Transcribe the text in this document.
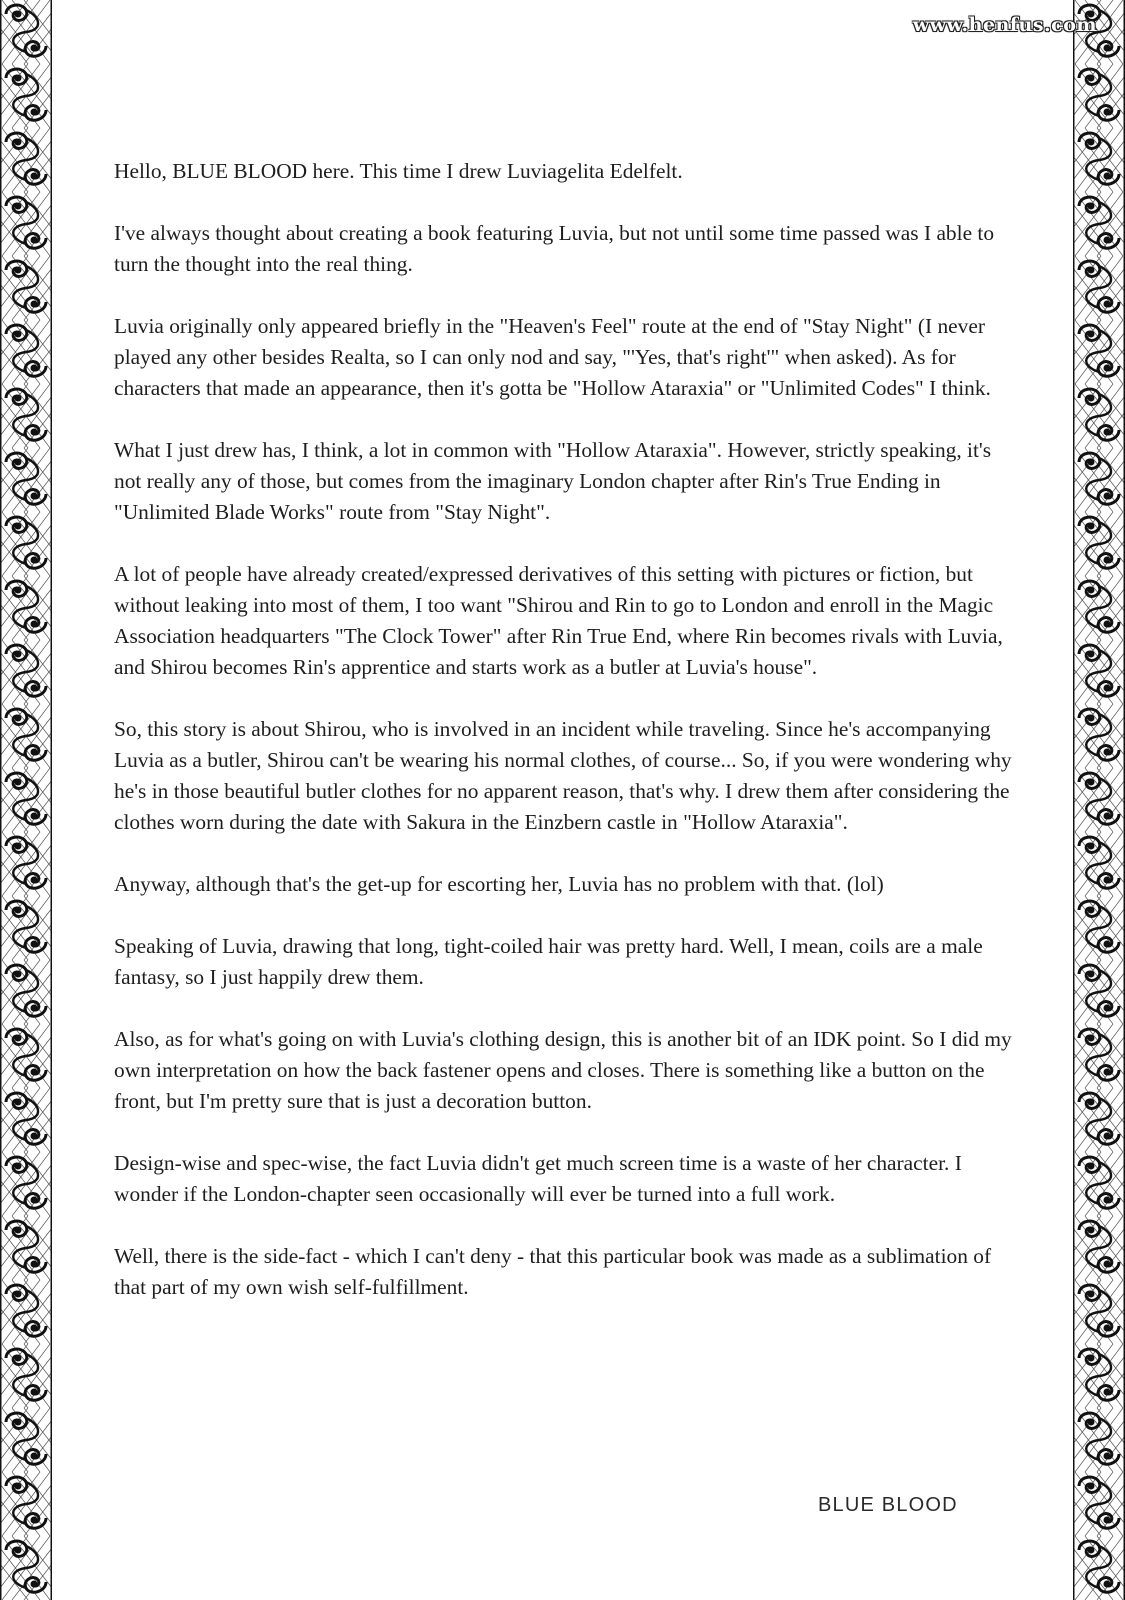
www.henfus.com

Hello, BLUE BLOOD here. This time I drew Luviagelita Edelfelt.

I've always thought about creating a book featuring Luvia, but not until some time passed was I able to turn the thought into the real thing.

Luvia originally only appeared briefly in the "Heaven's Feel" route at the end of "Stay Night" (I never played any other besides Realta, so I can only nod and say, "'Yes, that's right'" when asked). As for characters that made an appearance, then it's gotta be "Hollow Ataraxia" or "Unlimited Codes" I think.

What I just drew has, I think, a lot in common with "Hollow Ataraxia". However, strictly speaking, it's not really any of those, but comes from the imaginary London chapter after Rin's True Ending in "Unlimited Blade Works" route from "Stay Night".

A lot of people have already created/expressed derivatives of this setting with pictures or fiction, but without leaking into most of them, I too want "Shirou and Rin to go to London and enroll in the Magic Association headquarters "The Clock Tower" after Rin True End, where Rin becomes rivals with Luvia, and Shirou becomes Rin's apprentice and starts work as a butler at Luvia's house".

So, this story is about Shirou, who is involved in an incident while traveling. Since he's accompanying Luvia as a butler, Shirou can't be wearing his normal clothes, of course... So, if you were wondering why he's in those beautiful butler clothes for no apparent reason, that's why. I drew them after considering the clothes worn during the date with Sakura in the Einzbern castle in "Hollow Ataraxia".

Anyway, although that's the get-up for escorting her, Luvia has no problem with that. (lol)

Speaking of Luvia, drawing that long, tight-coiled hair was pretty hard. Well, I mean, coils are a male fantasy, so I just happily drew them.

Also, as for what's going on with Luvia's clothing design, this is another bit of an IDK point. So I did my own interpretation on how the back fastener opens and closes. There is something like a button on the front, but I'm pretty sure that is just a decoration button.

Design-wise and spec-wise, the fact Luvia didn't get much screen time is a waste of her character. I wonder if the London-chapter seen occasionally will ever be turned into a full work.

Well, there is the side-fact - which I can't deny - that this particular book was made as a sublimation of that part of my own wish self-fulfillment.

BLUE BLOOD
